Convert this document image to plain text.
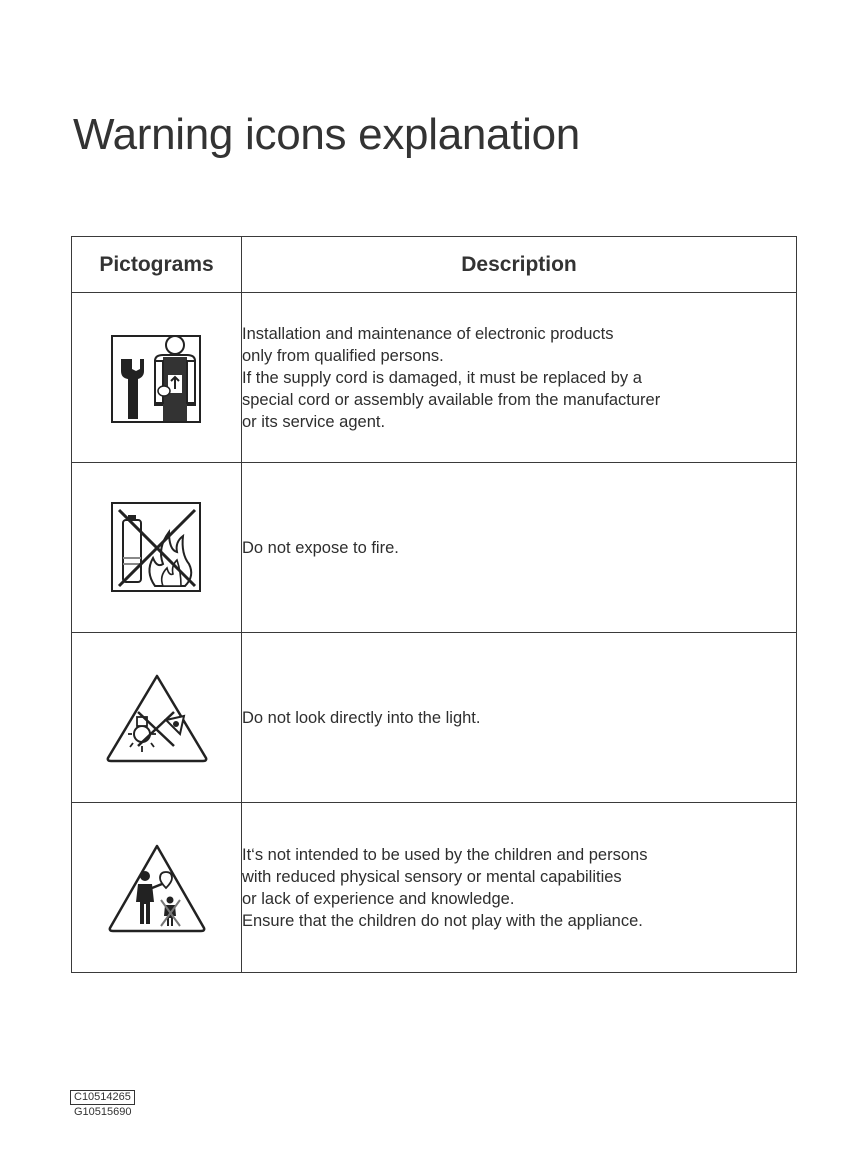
Warning icons explanation
Pictograms	Description

Installation and maintenance of electronic products
only from qualified persons.
If the supply cord is damaged, it must be replaced by a
special cord or assembly available from the manufacturer
or its service agent.

Do not expose to fire.

Do not look directly into the light.

It‘s not intended to be used by the children and persons
with reduced physical sensory or mental capabilities
or lack of experience and knowledge.
Ensure that the children do not play with the appliance.
C10514265
G10515690
